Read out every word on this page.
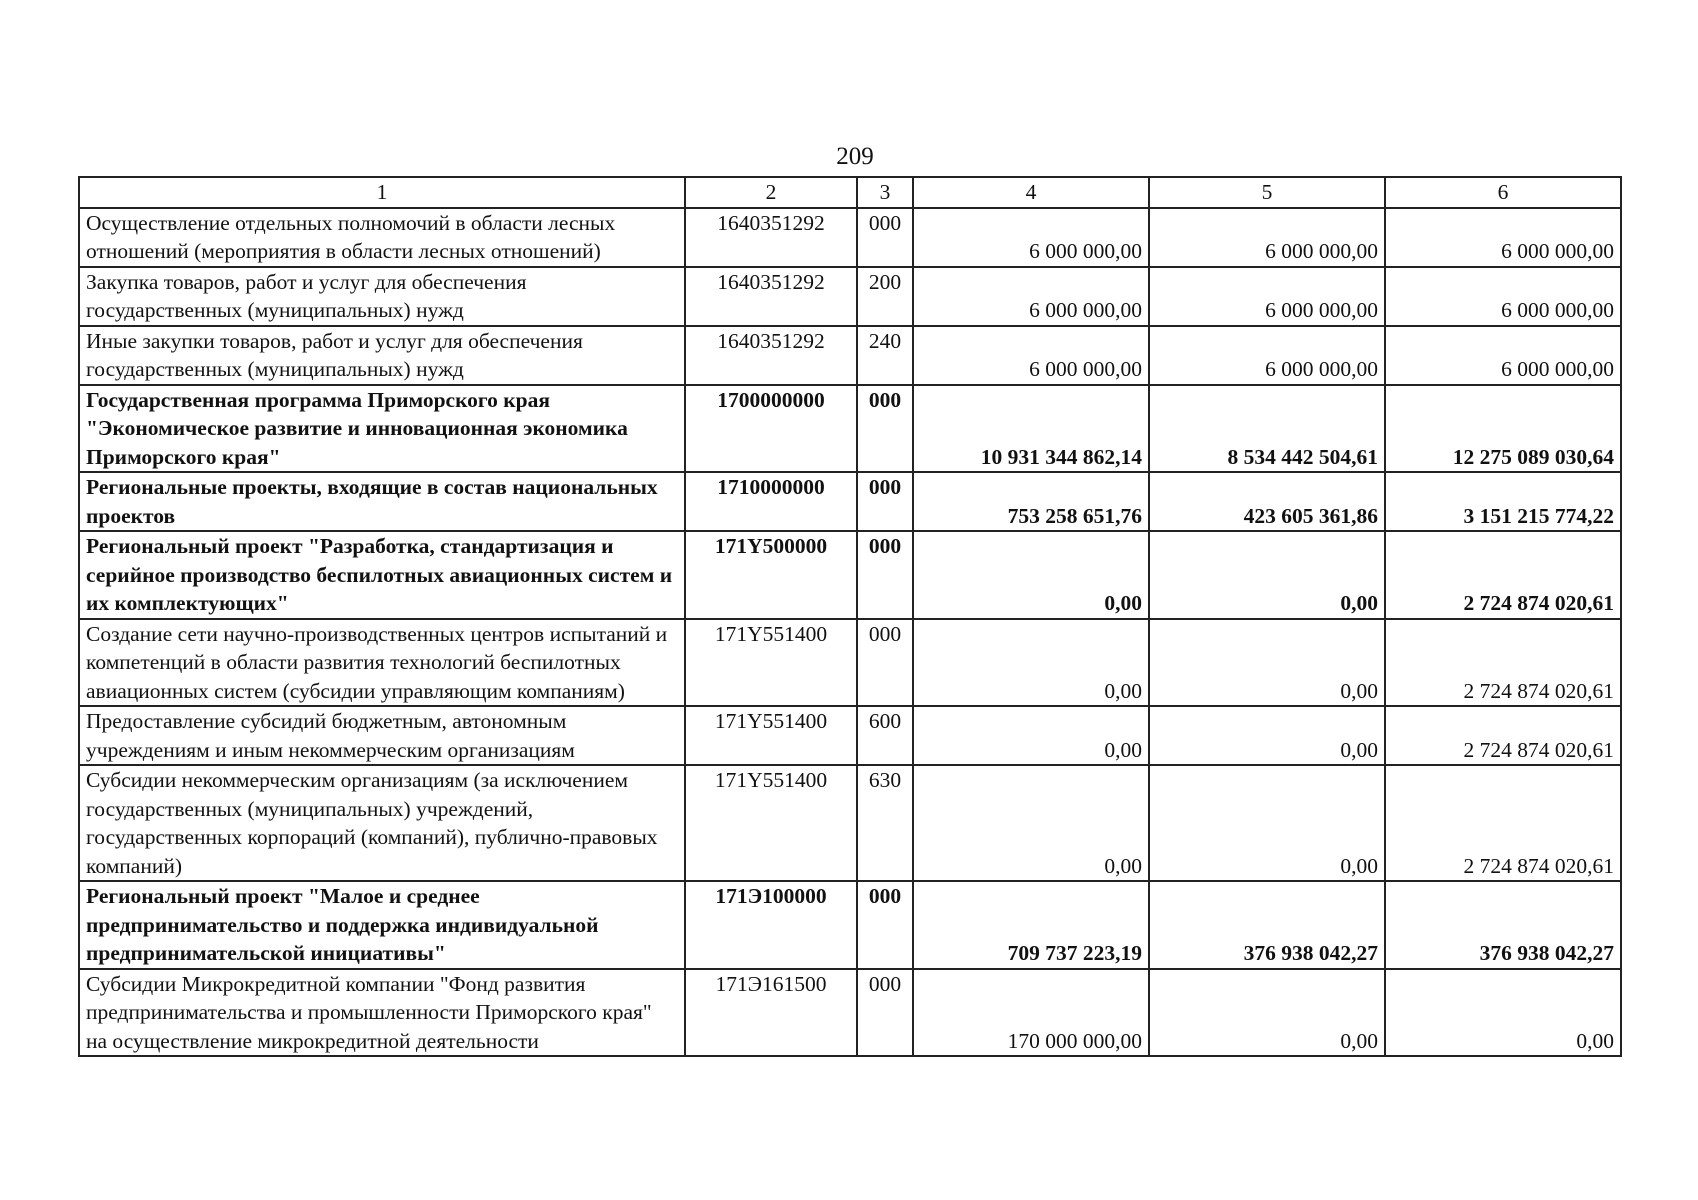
209
1	2	3	4	5	6
Осуществление отдельных полномочий в области лесных отношений (мероприятия в области лесных отношений)	1640351292	000	6 000 000,00	6 000 000,00	6 000 000,00
Закупка товаров, работ и услуг для обеспечения государственных (муниципальных) нужд	1640351292	200	6 000 000,00	6 000 000,00	6 000 000,00
Иные закупки товаров, работ и услуг для обеспечения государственных (муниципальных) нужд	1640351292	240	6 000 000,00	6 000 000,00	6 000 000,00
Государственная программа Приморского края "Экономическое развитие и инновационная экономика Приморского края"	1700000000	000	10 931 344 862,14	8 534 442 504,61	12 275 089 030,64
Региональные проекты, входящие в состав национальных проектов	1710000000	000	753 258 651,76	423 605 361,86	3 151 215 774,22
Региональный проект "Разработка, стандартизация и серийное производство беспилотных авиационных систем и их комплектующих"	171Y500000	000	0,00	0,00	2 724 874 020,61
Создание сети научно-производственных центров испытаний и компетенций в области развития технологий беспилотных авиационных систем (субсидии управляющим компаниям)	171Y551400	000	0,00	0,00	2 724 874 020,61
Предоставление субсидий бюджетным, автономным учреждениям и иным некоммерческим организациям	171Y551400	600	0,00	0,00	2 724 874 020,61
Субсидии некоммерческим организациям (за исключением государственных (муниципальных) учреждений, государственных корпораций (компаний), публично-правовых компаний)	171Y551400	630	0,00	0,00	2 724 874 020,61
Региональный проект "Малое и среднее предпринимательство и поддержка индивидуальной предпринимательской инициативы"	171Э100000	000	709 737 223,19	376 938 042,27	376 938 042,27
Субсидии Микрокредитной компании "Фонд развития предпринимательства и промышленности Приморского края" на осуществление микрокредитной деятельности	171Э161500	000	170 000 000,00	0,00	0,00
